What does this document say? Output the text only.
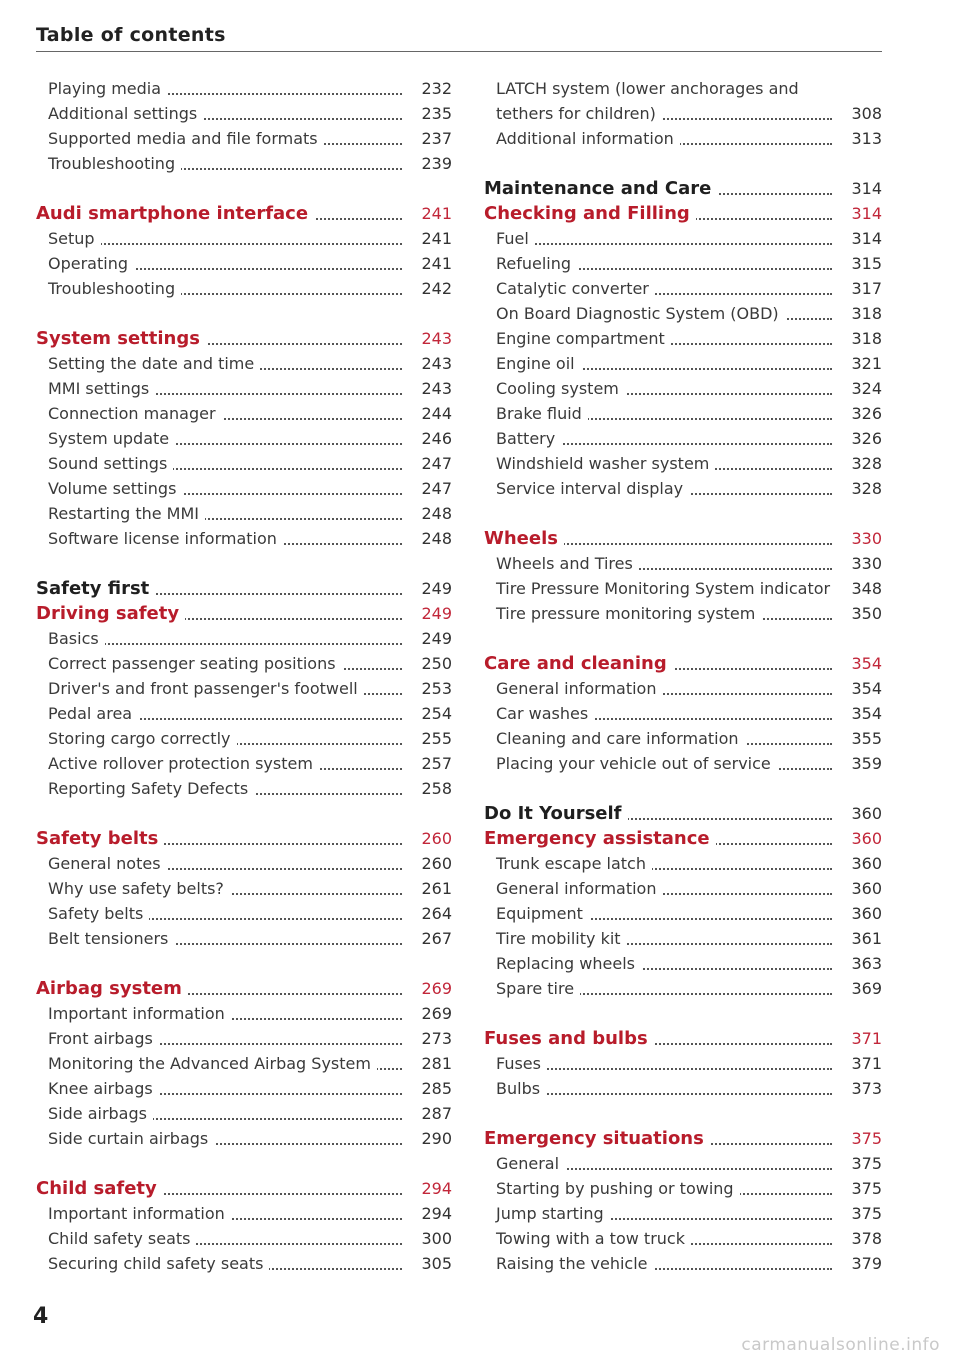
Table of contents
Playing media	232
Additional settings	235
Supported media and file formats	237
Troubleshooting	239
Audi smartphone interface	241
Setup	241
Operating	241
Troubleshooting	242
System settings	243
Setting the date and time	243
MMI settings	243
Connection manager	244
System update	246
Sound settings	247
Volume settings	247
Restarting the MMI	248
Software license information	248
Safety first	249
Driving safety	249
Basics	249
Correct passenger seating positions	250
Driver's and front passenger's footwell	253
Pedal area	254
Storing cargo correctly	255
Active rollover protection system	257
Reporting Safety Defects	258
Safety belts	260
General notes	260
Why use safety belts?	261
Safety belts	264
Belt tensioners	267
Airbag system	269
Important information	269
Front airbags	273
Monitoring the Advanced Airbag System	281
Knee airbags	285
Side airbags	287
Side curtain airbags	290
Child safety	294
Important information	294
Child safety seats	300
Securing child safety seats	305
LATCH system (lower anchorages and
tethers for children)	308
Additional information	313
Maintenance and Care	314
Checking and Filling	314
Fuel	314
Refueling	315
Catalytic converter	317
On Board Diagnostic System (OBD)	318
Engine compartment	318
Engine oil	321
Cooling system	324
Brake fluid	326
Battery	326
Windshield washer system	328
Service interval display	328
Wheels	330
Wheels and Tires	330
Tire Pressure Monitoring System indicator	348
Tire pressure monitoring system	350
Care and cleaning	354
General information	354
Car washes	354
Cleaning and care information	355
Placing your vehicle out of service	359
Do It Yourself	360
Emergency assistance	360
Trunk escape latch	360
General information	360
Equipment	360
Tire mobility kit	361
Replacing wheels	363
Spare tire	369
Fuses and bulbs	371
Fuses	371
Bulbs	373
Emergency situations	375
General	375
Starting by pushing or towing	375
Jump starting	375
Towing with a tow truck	378
Raising the vehicle	379
4
carmanualsonline.info
